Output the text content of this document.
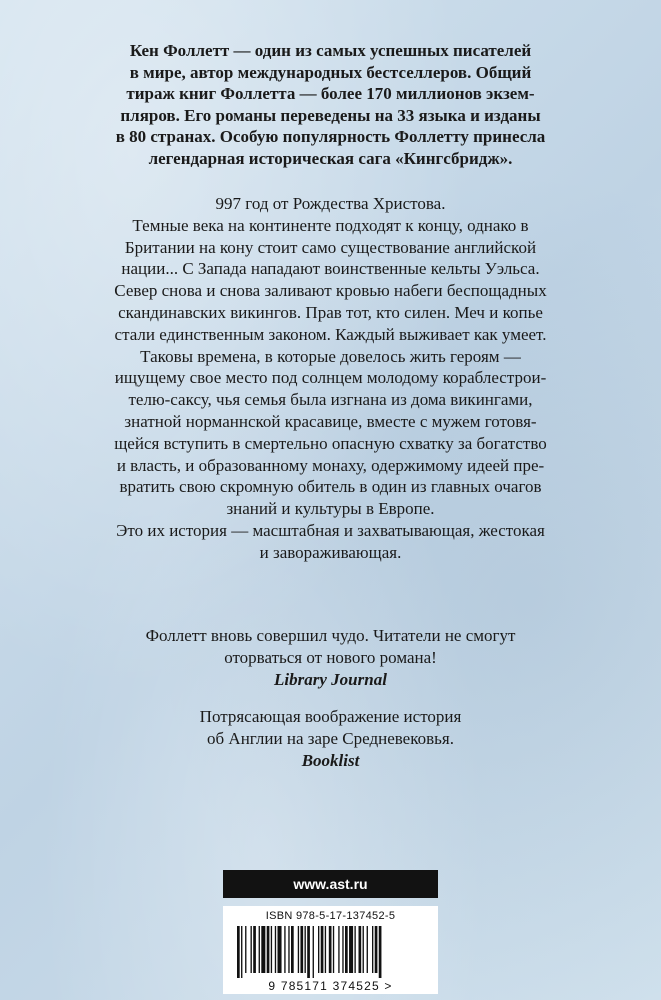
Кен Фоллетт — один из самых успешных писателей
в мире, автор международных бестселлеров. Общий
тираж книг Фоллетта — более 170 миллионов экзем-
пляров. Его романы переведены на 33 языка и изданы
в 80 странах. Особую популярность Фоллетту принесла
легендарная историческая сага «Кингсбридж».
997 год от Рождества Христова.
Темные века на континенте подходят к концу, однако в
Британии на кону стоит само существование английской
нации... С Запада нападают воинственные кельты Уэльса.
Север снова и снова заливают кровью набеги беспощадных
скандинавских викингов. Прав тот, кто силен. Меч и копье
стали единственным законом. Каждый выживает как умеет.
Таковы времена, в которые довелось жить героям —
ищущему свое место под солнцем молодому кораблестрои-
телю-саксу, чья семья была изгнана из дома викингами,
знатной норманнской красавице, вместе с мужем готовя-
щейся вступить в смертельно опасную схватку за богатство
и власть, и образованному монаху, одержимому идеей пре-
вратить свою скромную обитель в один из главных очагов
знаний и культуры в Европе.
Это их история — масштабная и захватывающая, жестокая
и завораживающая.
Фоллетт вновь совершил чудо. Читатели не смогут
оторваться от нового романа!
Library Journal
Потрясающая воображение история
об Англии на заре Средневековья.
Booklist
www.ast.ru
ISBN 978-5-17-137452-5
9 785171 374525 >
